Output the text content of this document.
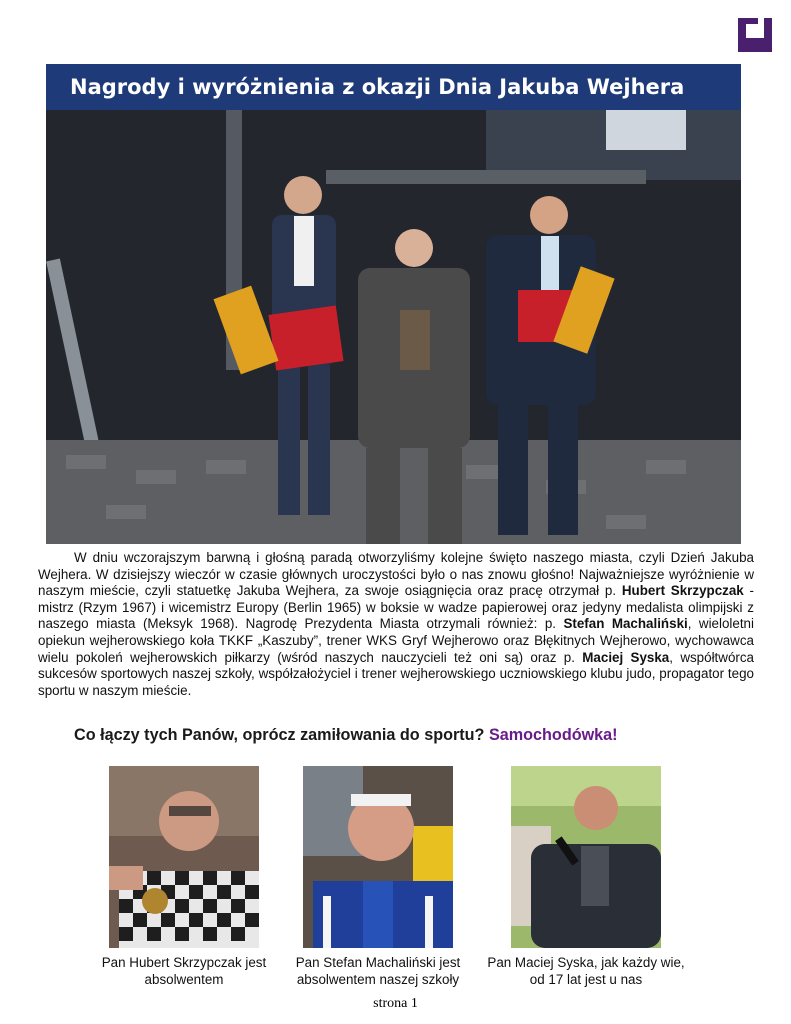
Nagrody i wyróżnienia z okazji Dnia Jakuba Wejhera

W dniu wczorajszym barwną i głośną paradą otworzyliśmy kolejne święto naszego miasta, czyli Dzień Jakuba Wejhera. W dzisiejszy wieczór w czasie głównych uroczystości było o nas znowu głośno! Najważniejsze wyróżnienie w naszym mieście, czyli statuetkę Jakuba Wejhera, za swoje osiągnięcia oraz pracę otrzymał p. Hubert Skrzypczak - mistrz (Rzym 1967) i wicemistrz Europy (Berlin 1965) w boksie w wadze papierowej oraz jedyny medalista olimpijski z naszego miasta (Meksyk 1968). Nagrodę Prezydenta Miasta otrzymali również: p. Stefan Machaliński, wieloletni opiekun wejherowskiego koła TKKF „Kaszuby”, trener WKS Gryf Wejherowo oraz Błękitnych Wejherowo, wychowawca wielu pokoleń wejherowskich piłkarzy (wśród naszych nauczycieli też oni są) oraz p. Maciej Syska, współtwórca sukcesów sportowych naszej szkoły, współzałożyciel i trener wejherowskiego uczniowskiego klubu judo, propagator tego sportu w naszym mieście.

Co łączy tych Panów, oprócz zamiłowania do sportu? Samochodówka!
Pan Hubert Skrzypczak jest absolwentem
Pan Stefan Machaliński jest absolwentem naszej szkoły
Pan Maciej Syska, jak każdy wie, od 17 lat jest u nas
strona 1
